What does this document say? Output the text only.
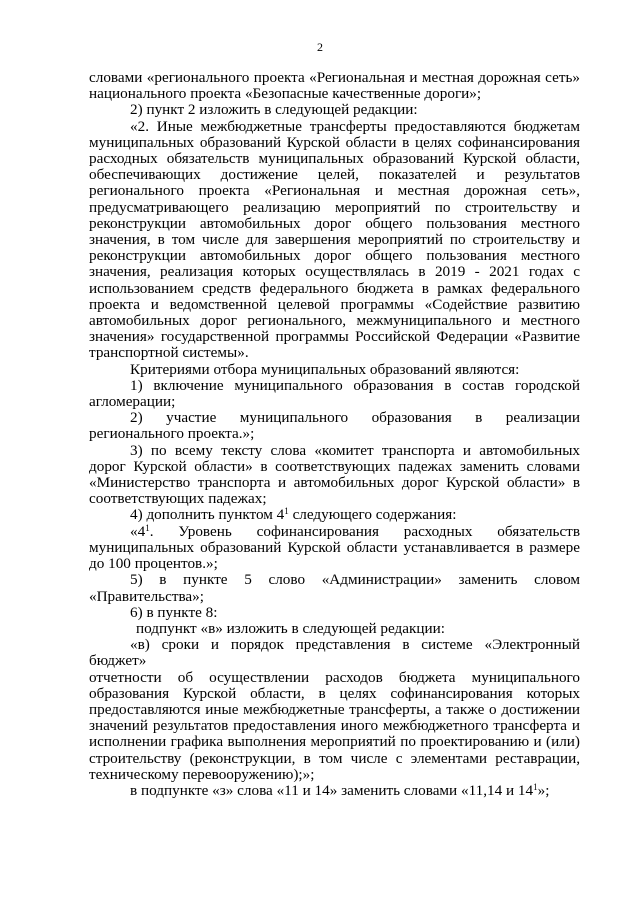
2

словами «регионального проекта «Региональная и местная дорожная сеть»

национального проекта «Безопасные качественные дороги»;

2) пункт 2 изложить в следующей редакции:

«2. Иные межбюджетные трансферты предоставляются бюджетам

муниципальных образований Курской области в целях софинансирования

расходных обязательств муниципальных образований Курской области,

обеспечивающих достижение целей, показателей и результатов

регионального проекта «Региональная и местная дорожная сеть»,

предусматривающего реализацию мероприятий по строительству и

реконструкции автомобильных дорог общего пользования местного

значения, в том числе для завершения мероприятий по строительству и

реконструкции автомобильных дорог общего пользования местного

значения, реализация которых осуществлялась в 2019 - 2021 годах с

использованием средств федерального бюджета в рамках федерального

проекта и ведомственной целевой программы «Содействие развитию

автомобильных дорог регионального, межмуниципального и местного

значения» государственной программы Российской Федерации «Развитие

транспортной системы».

Критериями отбора муниципальных образований являются:

1) включение муниципального образования в состав городской

агломерации;

2) участие муниципального образования в реализации

регионального проекта.»;

3) по всему тексту слова «комитет транспорта и автомобильных

дорог Курской области» в соответствующих падежах заменить словами

«Министерство транспорта и автомобильных дорог Курской области» в

соответствующих падежах;

4) дополнить пунктом $4^1$ следующего содержания:

«$4^1$. Уровень софинансирования расходных обязательств

муниципальных образований Курской области устанавливается в размере

до 100 процентов.»;

5) в пункте 5 слово «Администрации» заменить словом

«Правительства»;

6) в пункте 8:

подпункт «в» изложить в следующей редакции:

«в) сроки и порядок представления в системе «Электронный бюджет»

отчетности об осуществлении расходов бюджета муниципального

образования Курской области, в целях софинансирования которых

предоставляются иные межбюджетные трансферты, а также о достижении

значений результатов предоставления иного межбюджетного трансферта и

исполнении графика выполнения мероприятий по проектированию и (или)

строительству (реконструкции, в том числе с элементами реставрации,

техническому перевооружению);»;

в подпункте «з» слова «11 и 14» заменить словами «11,14 и $14^1$»;
